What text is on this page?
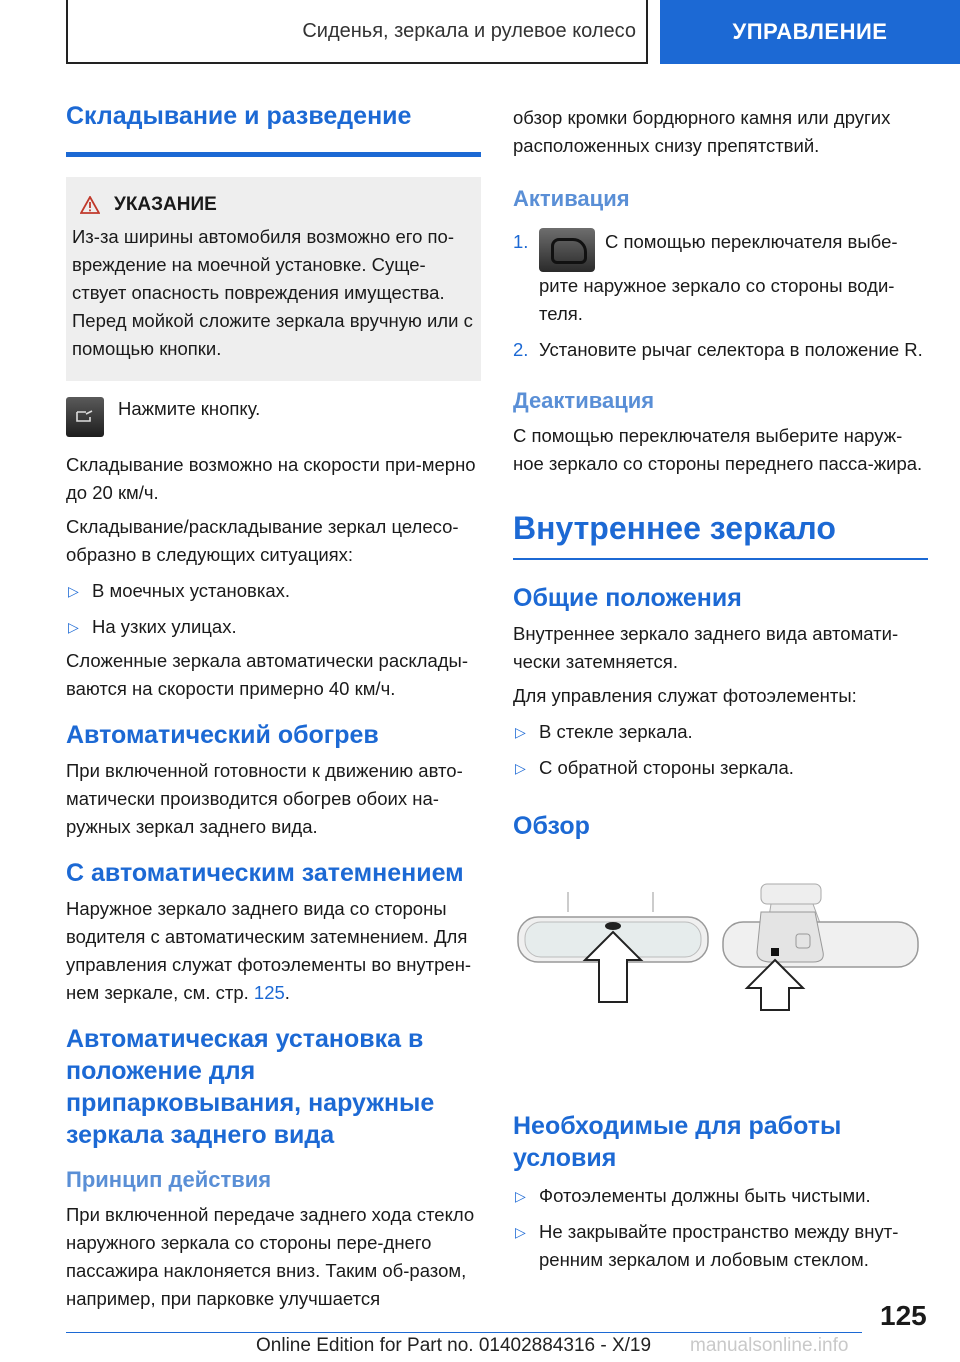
Сиденья, зеркала и рулевое колесо	УПРАВЛЕНИЕ
Складывание и разведение
УКАЗАНИЕ

Из-за ширины автомобиля возможно его по-вреждение на моечной установке. Суще-ствует опасность повреждения имущества. Перед мойкой сложите зеркала вручную или с помощью кнопки.

Нажмите кнопку.

Складывание возможно на скорости при-мерно до 20 км/ч.

Складывание/раскладывание зеркал целесо-образно в следующих ситуациях:

▷ В моечных установках.
▷ На узких улицах.

Сложенные зеркала автоматически расклады-ваются на скорости примерно 40 км/ч.

Автоматический обогрев

При включенной готовности к движению авто-матически производится обогрев обоих на-ружных зеркал заднего вида.

С автоматическим затемнением

Наружное зеркало заднего вида со стороны водителя с автоматическим затемнением. Для управления служат фотоэлементы во внутрен-нем зеркале, см. стр. 125.

Автоматическая установка в положение для припарковывания, наружные зеркала заднего вида
Принцип действия

При включенной передаче заднего хода стекло наружного зеркала со стороны пере-днего пассажира наклоняется вниз. Таким об-разом, например, при парковке улучшается

обзор кромки бордюрного камня или других расположенных снизу препятствий.

Активация
1.	С помощью переключателя выбе-рите наружное зеркало со стороны води-теля.
2. Установите рычаг селектора в положение R.
Деактивация

С помощью переключателя выберите наруж-ное зеркало со стороны переднего пасса-жира.

Внутреннее зеркало
Общие положения

Внутреннее зеркало заднего вида автомати-чески затемняется.

Для управления служат фотоэлементы:

▷ В стекле зеркала.
▷ С обратной стороны зеркала.
Обзор
Необходимые для работы условия
▷ Фотоэлементы должны быть чистыми.
▷ Не закрывайте пространство между внут-ренним зеркалом и лобовым стеклом.
125
Online Edition for Part no. 01402884316 - X/19 manualsonline.info
